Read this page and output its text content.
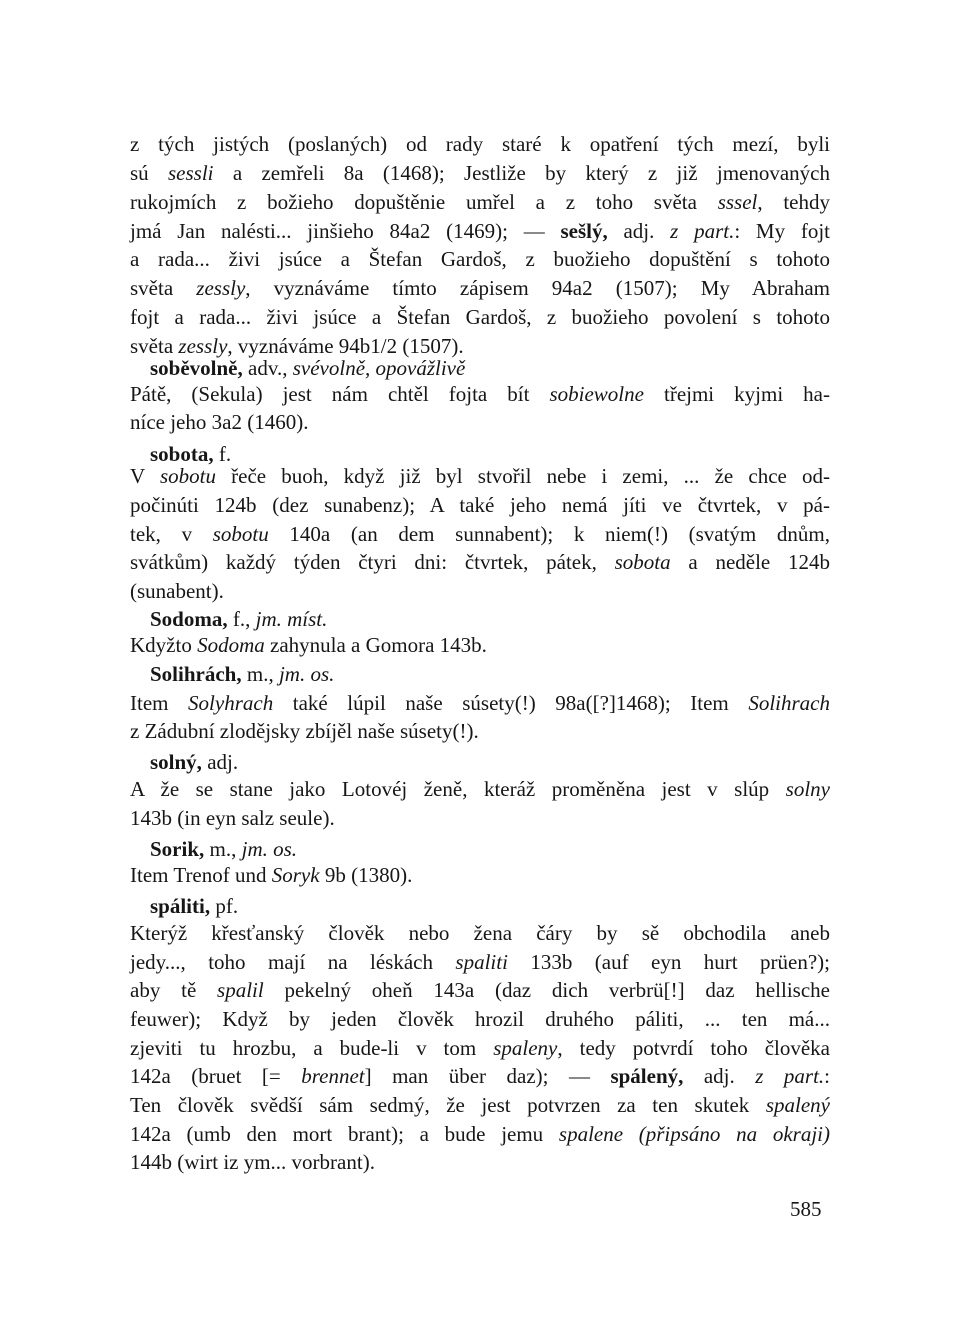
z tých jistých (poslaných) od rady staré k opatření tých mezí, byli
sú sessli a zemřeli 8a (1468); Jestliže by který z již jmenovaných
rukojmích z božieho dopuštěnie umřel a z toho světa sssel, tehdy
jmá Jan nalésti... jinšieho 84a2 (1469); — sešlý, adj. z part.: My fojt
a rada... živi jsúce a Štefan Gardoš, z buožieho dopuštění s tohoto
světa zessly, vyznáváme tímto zápisem 94a2 (1507); My Abraham
fojt a rada... živi jsúce a Štefan Gardoš, z buožieho povolení s tohoto
světa zessly, vyznáváme 94b1/2 (1507).
soběvolně, adv., svévolně, opovážlivě
Pátě, (Sekula) jest nám chtěl fojta bít sobiewolne třejmi kyjmi ha-
níce jeho 3a2 (1460).
sobota, f.
V sobotu řeče buoh, když již byl stvořil nebe i zemi, ... že chce od-
počinúti 124b (dez sunabenz); A také jeho nemá jíti ve čtvrtek, v pá-
tek, v sobotu 140a (an dem sunnabent); k niem(!) (svatým dnům,
svátkům) každý týden čtyri dni: čtvrtek, pátek, sobota a neděle 124b
(sunabent).
Sodoma, f., jm. míst.
Kdyžto Sodoma zahynula a Gomora 143b.
Solihrách, m., jm. os.
Item Solyhrach také lúpil naše súsety(!) 98a([?]1468); Item Solihrach
z Zádubní zlodějsky zbíjěl naše súsety(!).
solný, adj.
A že se stane jako Lotovéj ženě, kteráž proměněna jest v slúp solny
143b (in eyn salz seule).
Sorik, m., jm. os.
Item Trenof und Soryk 9b (1380).
spáliti, pf.
Kterýž křesťanský člověk nebo žena čáry by sě obchodila aneb
jedy..., toho mají na léskách spaliti 133b (auf eyn hurt prüen?);
aby tě spalil pekelný oheň 143a (daz dich verbrü[!] daz hellische
feuwer); Když by jeden člověk hrozil druhého páliti, ... ten má...
zjeviti tu hrozbu, a bude-li v tom spaleny, tedy potvrdí toho člověka
142a (bruet [= brennet] man über daz); — spálený, adj. z part.:
Ten člověk svědší sám sedmý, že jest potvrzen za ten skutek spalený
142a (umb den mort brant); a bude jemu spalene (připsáno na okraji)
144b (wirt iz ym... vorbrant).
585
